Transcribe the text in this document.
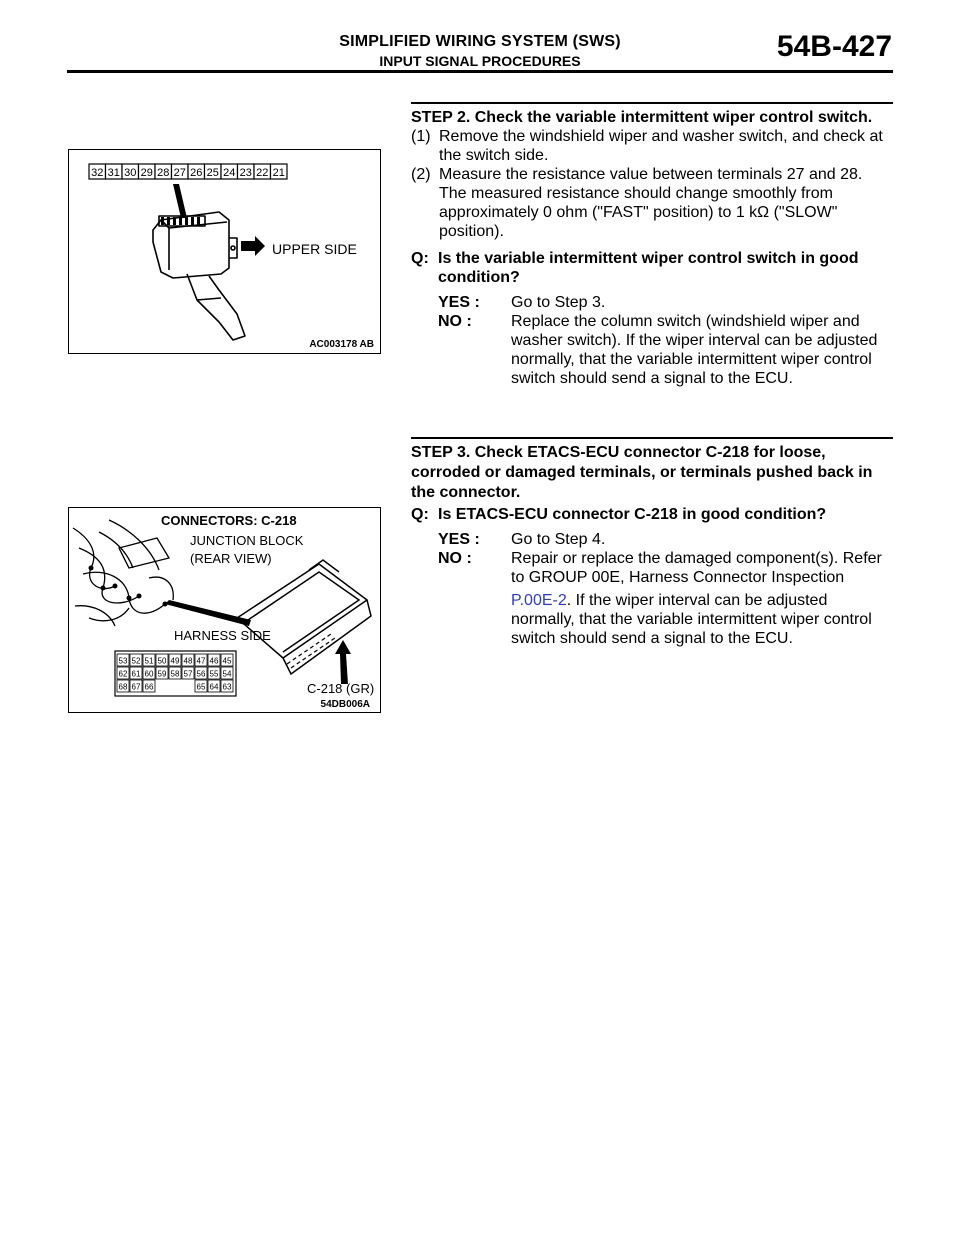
SIMPLIFIED WIRING SYSTEM (SWS)
INPUT SIGNAL PROCEDURES	54B-427
32 31 30 29 28 27 26 25 24 23 22 21
UPPER SIDE
AC003178 AB
CONNECTORS: C-218
JUNCTION BLOCK
(REAR VIEW)
HARNESS SIDE
53 52 51 50 49 48 47 46 45
62 61 60 59 58 57 56 55 54
68 67 66	65 64 63	C-218 (GR)
54DB006A
STEP 2. Check the variable intermittent wiper control switch.
(1) Remove the windshield wiper and washer switch, and check at the switch side.
(2) Measure the resistance value between terminals 27 and 28. The measured resistance should change smoothly from approximately 0 ohm ("FAST" position) to 1 kΩ ("SLOW" position).
Q: Is the variable intermittent wiper control switch in good condition?
YES :	Go to Step 3.
NO :	Replace the column switch (windshield wiper and washer switch). If the wiper interval can be adjusted normally, that the variable intermittent wiper control switch should send a signal to the ECU.
STEP 3. Check ETACS-ECU connector C-218 for loose, corroded or damaged terminals, or terminals pushed back in the connector.
Q: Is ETACS-ECU connector C-218 in good condition?
YES :	Go to Step 4.
NO :	Repair or replace the damaged component(s). Refer to GROUP 00E, Harness Connector Inspection
P.00E-2. If the wiper interval can be adjusted normally, that the variable intermittent wiper control switch should send a signal to the ECU.
